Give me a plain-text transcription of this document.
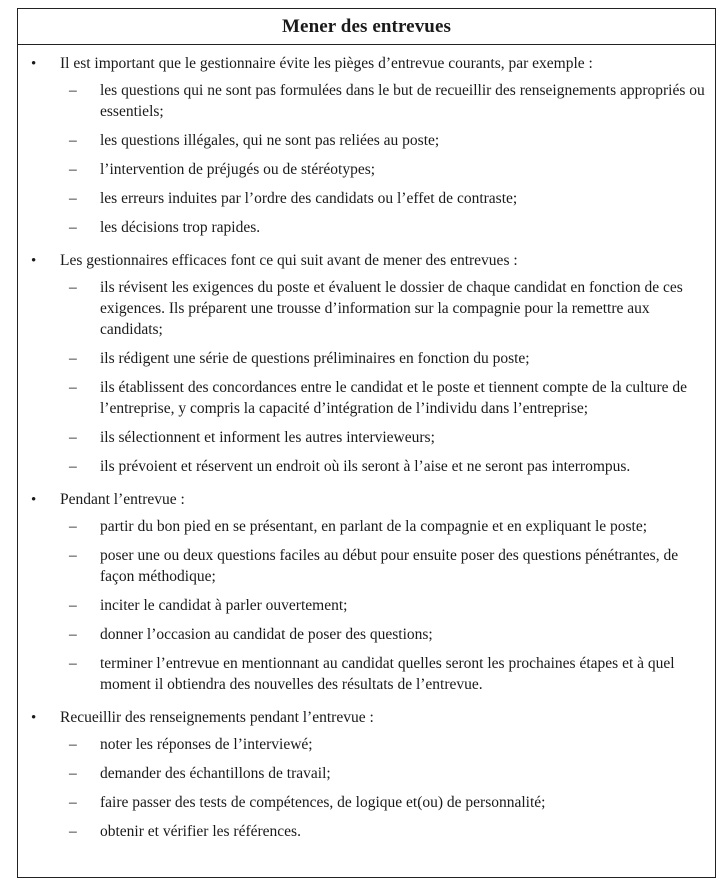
Mener des entrevues
• Il est important que le gestionnaire évite les pièges d’entrevue courants, par exemple :
– les questions qui ne sont pas formulées dans le but de recueillir des renseignements appropriés ou essentiels;
– les questions illégales, qui ne sont pas reliées au poste;
– l’intervention de préjugés ou de stéréotypes;
– les erreurs induites par l’ordre des candidats ou l’effet de contraste;
– les décisions trop rapides.
• Les gestionnaires efficaces font ce qui suit avant de mener des entrevues :
– ils révisent les exigences du poste et évaluent le dossier de chaque candidat en fonction de ces exigences. Ils préparent une trousse d’information sur la compagnie pour la remettre aux candidats;
– ils rédigent une série de questions préliminaires en fonction du poste;
– ils établissent des concordances entre le candidat et le poste et tiennent compte de la culture de l’entreprise, y compris la capacité d’intégration de l’individu dans l’entreprise;
– ils sélectionnent et informent les autres intervieweurs;
– ils prévoient et réservent un endroit où ils seront à l’aise et ne seront pas interrompus.
• Pendant l’entrevue :
– partir du bon pied en se présentant, en parlant de la compagnie et en expliquant le poste;
– poser une ou deux questions faciles au début pour ensuite poser des questions pénétrantes, de façon méthodique;
– inciter le candidat à parler ouvertement;
– donner l’occasion au candidat de poser des questions;
– terminer l’entrevue en mentionnant au candidat quelles seront les prochaines étapes et à quel moment il obtiendra des nouvelles des résultats de l’entrevue.
• Recueillir des renseignements pendant l’entrevue :
– noter les réponses de l’interviewé;
– demander des échantillons de travail;
– faire passer des tests de compétences, de logique et(ou) de personnalité;
– obtenir et vérifier les références.
